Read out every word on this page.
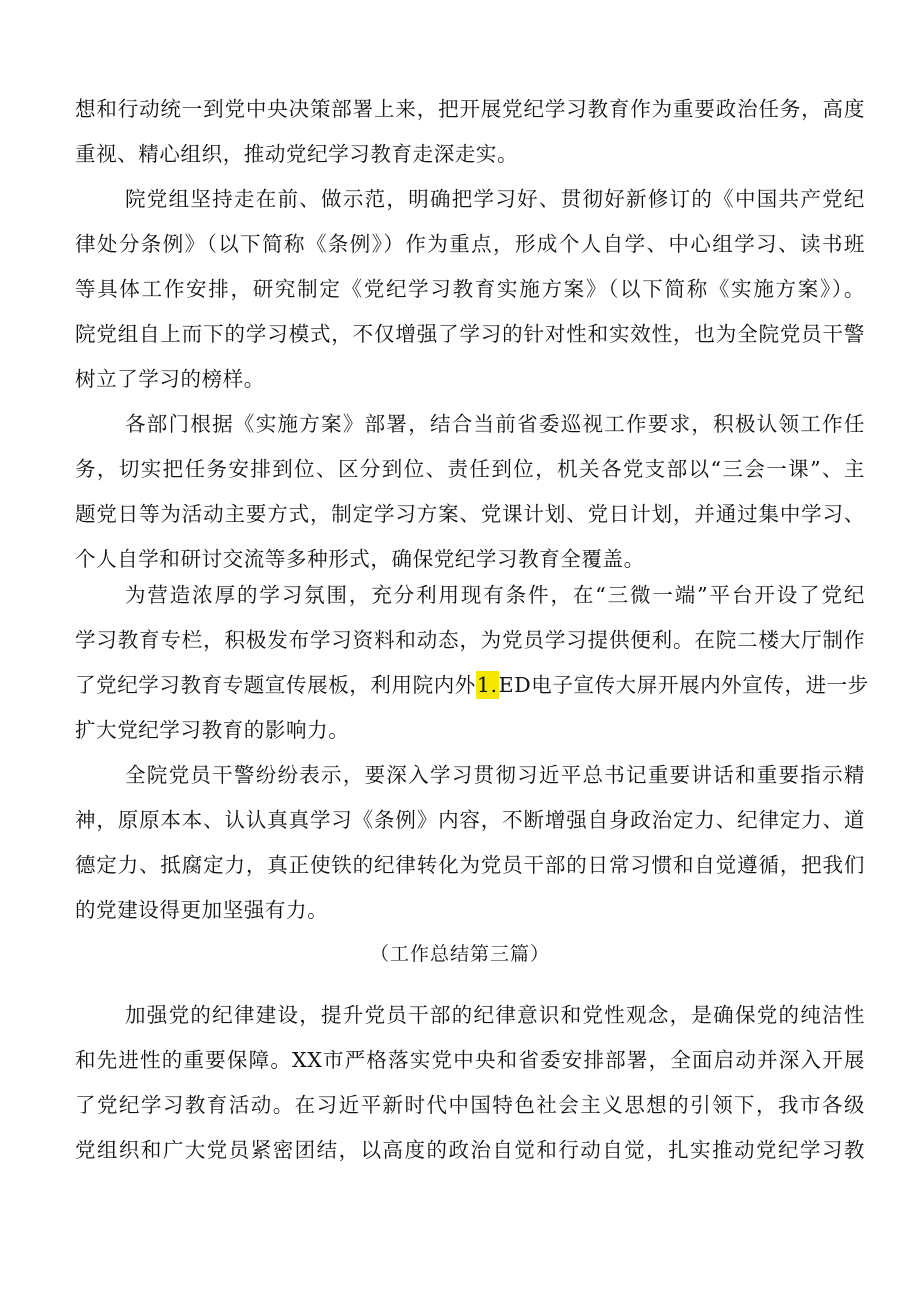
想和行动统一到党中央决策部署上来，把开展党纪学习教育作为重要政治任务，高度
重视、精心组织，推动党纪学习教育走深走实。
院党组坚持走在前、做示范，明确把学习好、贯彻好新修订的《中国共产党纪
律处分条例》（以下简称《条例》）作为重点，形成个人自学、中心组学习、读书班
等具体工作安排，研究制定《党纪学习教育实施方案》（以下简称《实施方案》）。
院党组自上而下的学习模式，不仅增强了学习的针对性和实效性，也为全院党员干警
树立了学习的榜样。
各部门根据《实施方案》部署，结合当前省委巡视工作要求，积极认领工作任
务，切实把任务安排到位、区分到位、责任到位，机关各党支部以“三会一课”、主
题党日等为活动主要方式，制定学习方案、党课计划、党日计划，并通过集中学习、
个人自学和研讨交流等多种形式，确保党纪学习教育全覆盖。
为营造浓厚的学习氛围，充分利用现有条件，在“三微一端”平台开设了党纪
学习教育专栏，积极发布学习资料和动态，为党员学习提供便利。在院二楼大厅制作
了党纪学习教育专题宣传展板，利用院内外1.ED电子宣传大屏开展内外宣传，进一步
扩大党纪学习教育的影响力。
全院党员干警纷纷表示，要深入学习贯彻习近平总书记重要讲话和重要指示精
神，原原本本、认认真真学习《条例》内容，不断增强自身政治定力、纪律定力、道
德定力、抵腐定力，真正使铁的纪律转化为党员干部的日常习惯和自觉遵循，把我们
的党建设得更加坚强有力。
（工作总结第三篇）
加强党的纪律建设，提升党员干部的纪律意识和党性观念，是确保党的纯洁性
和先进性的重要保障。XX市严格落实党中央和省委安排部署，全面启动并深入开展
了党纪学习教育活动。在习近平新时代中国特色社会主义思想的引领下，我市各级
党组织和广大党员紧密团结，以高度的政治自觉和行动自觉，扎实推动党纪学习教
